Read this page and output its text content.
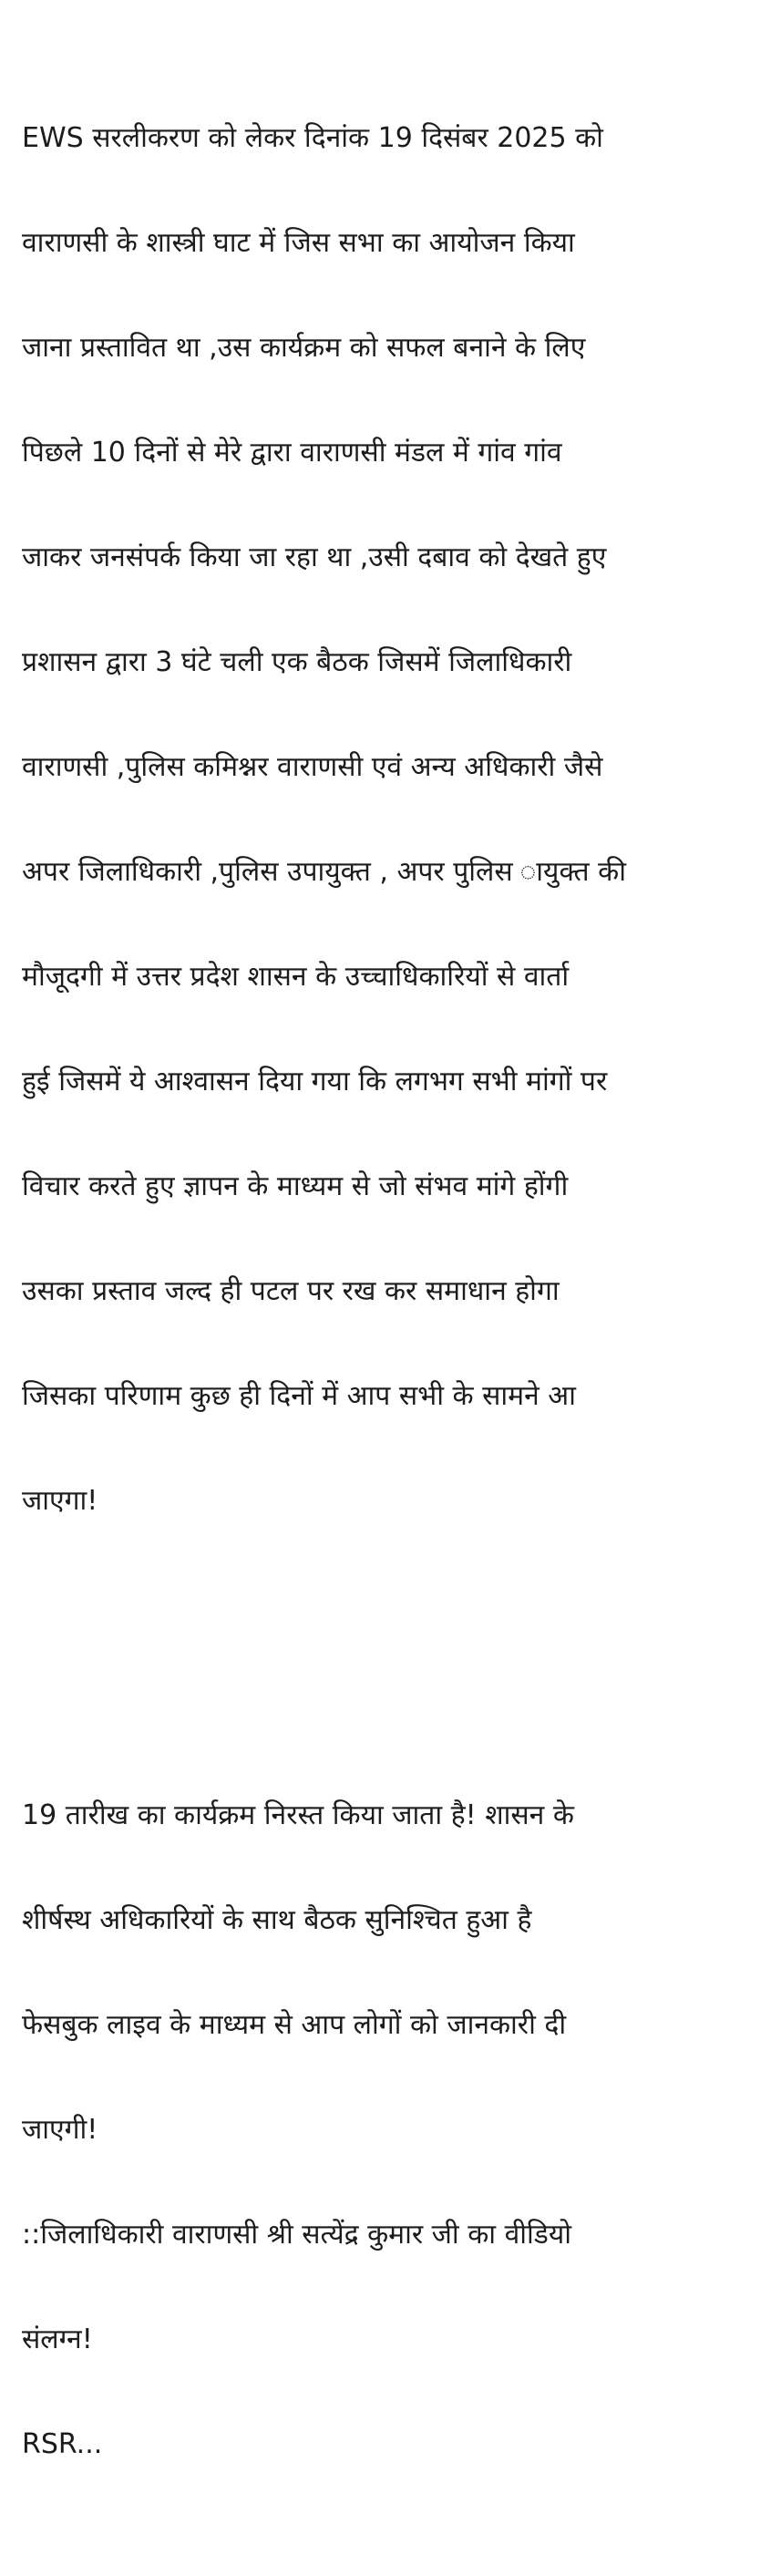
EWS सरलीकरण को लेकर दिनांक 19 दिसंबर 2025 को

वाराणसी के शास्त्री घाट में जिस सभा का आयोजन किया

जाना प्रस्तावित था ,उस कार्यक्रम को सफल बनाने के लिए

पिछले 10 दिनों से मेरे द्वारा वाराणसी मंडल में गांव गांव

जाकर जनसंपर्क किया जा रहा था ,उसी दबाव को देखते हुए

प्रशासन द्वारा 3 घंटे चली एक बैठक जिसमें जिलाधिकारी

वाराणसी ,पुलिस कमिश्नर वाराणसी एवं अन्य अधिकारी जैसे

अपर जिलाधिकारी ,पुलिस उपायुक्त , अपर पुलिस ायुक्त की

मौजूदगी में उत्तर प्रदेश शासन के उच्चाधिकारियों से वार्ता

हुई जिसमें ये आश्वासन दिया गया कि लगभग सभी मांगों पर

विचार करते हुए ज्ञापन के माध्यम से जो संभव मांगे होंगी

उसका प्रस्ताव जल्द ही पटल पर रख कर समाधान होगा

जिसका परिणाम कुछ ही दिनों में आप सभी के सामने आ

जाएगा!

19 तारीख का कार्यक्रम निरस्त किया जाता है! शासन के

शीर्षस्थ अधिकारियों के साथ बैठक सुनिश्चित हुआ है

फेसबुक लाइव के माध्यम से आप लोगों को जानकारी दी

जाएगी!

::जिलाधिकारी वाराणसी श्री सत्येंद्र कुमार जी का वीडियो

संलग्न!

RSR...
